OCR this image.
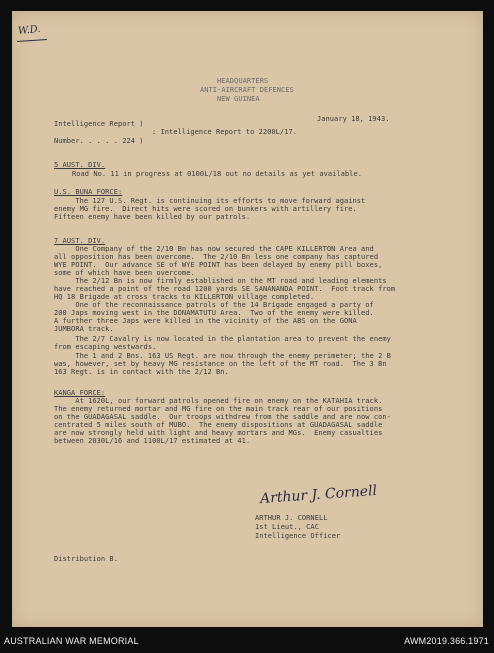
W.D.
HEADQUARTERS
ANTI-AIRCRAFT DEFENCES
NEW GUINEA
Intelligence Report )
January 18, 1943.
: Intelligence Report to 2200L/17.
Number. . . . . 224 )
5 AUST. DIV.
Road No. 11 in progress at 0100L/18 out no details as yet available.
U.S. BUNA FORCE:
The 127 U.S. Regt. is continuing its efforts to move forward against
enemy MG fire.  Direct hits were scored on bunkers with artillery fire.
Fifteen enemy have been killed by our patrols.
7 AUST. DIV.
One Company of the 2/10 Bn has now secured the CAPE KILLERTON Area and
all opposition has been overcome.  The 2/10 Bn less one company has captured
WYE POINT.  Our advance SE of WYE POINT has been delayed by enemy pill boxes,
some of which have been overcome.
The 2/12 Bn is now firmly established on the MT road and leading elements
have reached a point of the road 1200 yards SE SANANANDA POINT.  Foot track from
HQ 18 Brigade at cross tracks to KILLERTON village completed.
One of the reconnaissance patrols of the 14 Brigade engaged a party of
200 Japs moving west in the DONAMATUTU Area.  Two of the enemy were killed.
A further three Japs were killed in the vicinity of the ABS on the GONA
JUMBORA track.
The 2/7 Cavalry is now located in the plantation area to prevent the enemy
from escaping westwards.
The 1 and 2 Bns. 163 US Regt. are now through the enemy perimeter; the 2 B
was, however, set by heavy MG resistance on the left of the MT road.  The 3 Bn
163 Regt. is in contact with the 2/12 Bn.
KANGA FORCE:
At 1620L, our forward patrols opened fire on enemy on the KATAHIA track.
The enemy returned mortar and MG fire on the main track rear of our positions
on the GUADAGASAL saddle.  Our troops withdrew from the saddle and are now con-
centrated 5 miles south of MUBO.  The enemy dispositions at GUADAGASAL saddle
are now strongly held with light and heavy mortars and MGs.  Enemy casualties
between 2030L/16 and 1100L/17 estimated at 41.
Arthur J. Cornell
ARTHUR J. CORNELL
1st Lieut., CAC
Intelligence Officer
Distribution B.
AUSTRALIAN WAR MEMORIAL	AWM2019.366.1971
